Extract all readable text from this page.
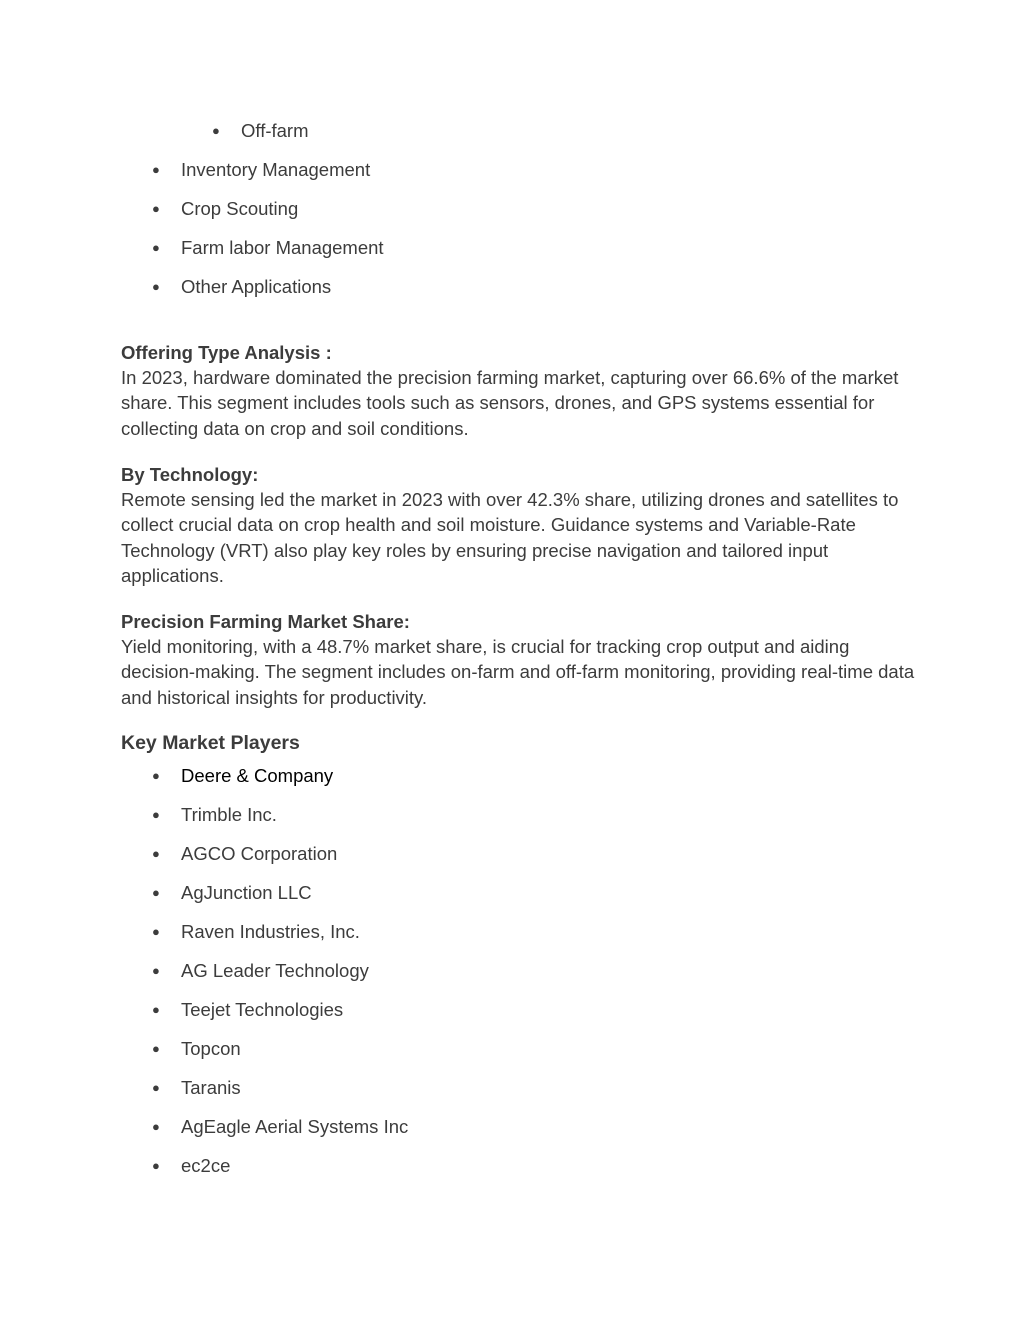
● Off-farm
● Inventory Management
● Crop Scouting
● Farm labor Management
● Other Applications
Offering Type Analysis :

In 2023, hardware dominated the precision farming market, capturing over 66.6% of the market share. This segment includes tools such as sensors, drones, and GPS systems essential for collecting data on crop and soil conditions.

By Technology:

Remote sensing led the market in 2023 with over 42.3% share, utilizing drones and satellites to collect crucial data on crop health and soil moisture. Guidance systems and Variable-Rate Technology (VRT) also play key roles by ensuring precise navigation and tailored input applications.

Precision Farming Market Share:

Yield monitoring, with a 48.7% market share, is crucial for tracking crop output and aiding decision-making. The segment includes on-farm and off-farm monitoring, providing real-time data and historical insights for productivity.

Key Market Players
● Deere & Company
● Trimble Inc.
● AGCO Corporation
● AgJunction LLC
● Raven Industries, Inc.
● AG Leader Technology
● Teejet Technologies
● Topcon
● Taranis
● AgEagle Aerial Systems Inc
● ec2ce
